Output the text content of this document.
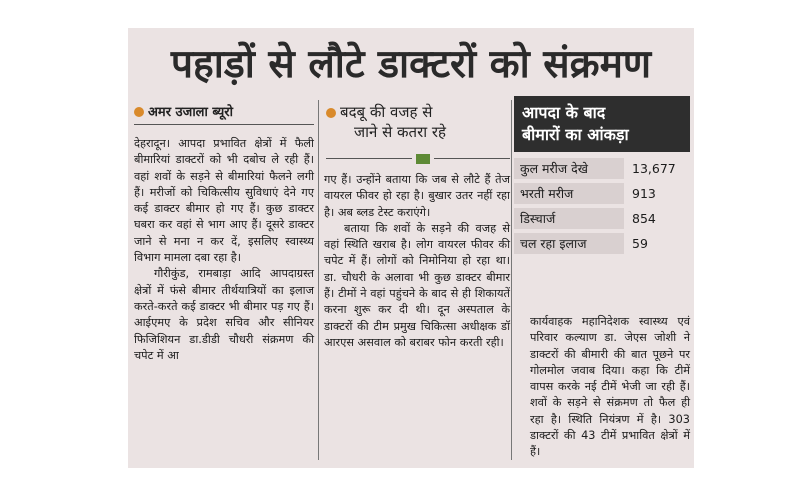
पहाड़ों से लौटे डाक्टरों को संक्रमण
अमर उजाला ब्यूरो

देहरादून। आपदा प्रभावित क्षेत्रों में फैली बीमारियां डाक्टरों को भी दबोच ले रही हैं। वहां शवों के सड़ने से बीमारियां फैलने लगी हैं। मरीजों को चिकित्सीय सुविधाएं देने गए कई डाक्टर बीमार हो गए हैं। कुछ डाक्टर घबरा कर वहां से भाग आए हैं। दूसरे डाक्टर जाने से मना न कर दें, इसलिए स्वास्थ्य विभाग मामला दबा रहा है।
गौरीकुंड, रामबाड़ा आदि आपदाग्रस्त क्षेत्रों में फंसे बीमार तीर्थयात्रियों का इलाज करते-करते कई डाक्टर भी बीमार पड़ गए हैं। आईएमए के प्रदेश सचिव और सीनियर फिजिशियन डा.डीडी चौधरी संक्रमण की चपेट में आ

बदबू की वजह से
जाने से कतरा रहे

गए हैं। उन्होंने बताया कि जब से लौटे हैं तेज वायरल फीवर हो रहा है। बुखार उतर नहीं रहा है। अब ब्लड टेस्ट कराएंगे।
बताया कि शवों के सड़ने की वजह से वहां स्थिति खराब है। लोग वायरल फीवर की चपेट में हैं। लोगों को निमोनिया हो रहा था। डा. चौधरी के अलावा भी कुछ डाक्टर बीमार हैं। टीमों ने वहां पहुंचने के बाद से ही शिकायतें करना शुरू कर दी थी। दून अस्पताल के डाक्टरों की टीम प्रमुख चिकित्सा अधीक्षक डॉ आरएस असवाल को बराबर फोन करती रही।

आपदा के बाद
बीमारों का आंकड़ा
कुल मरीज देखे	13,677
भरती मरीज	913
डिस्चार्ज	854
चल रहा इलाज	59

कार्यवाहक महानिदेशक स्वास्थ्य एवं परिवार कल्याण डा. जेएस जोशी ने डाक्टरों की बीमारी की बात पूछने पर गोलमोल जवाब दिया। कहा कि टीमें वापस करके नई टीमें भेजी जा रही हैं। शवों के सड़ने से संक्रमण तो फैल ही रहा है। स्थिति नियंत्रण में है। 303 डाक्टरों की 43 टीमें प्रभावित क्षेत्रों में हैं।
